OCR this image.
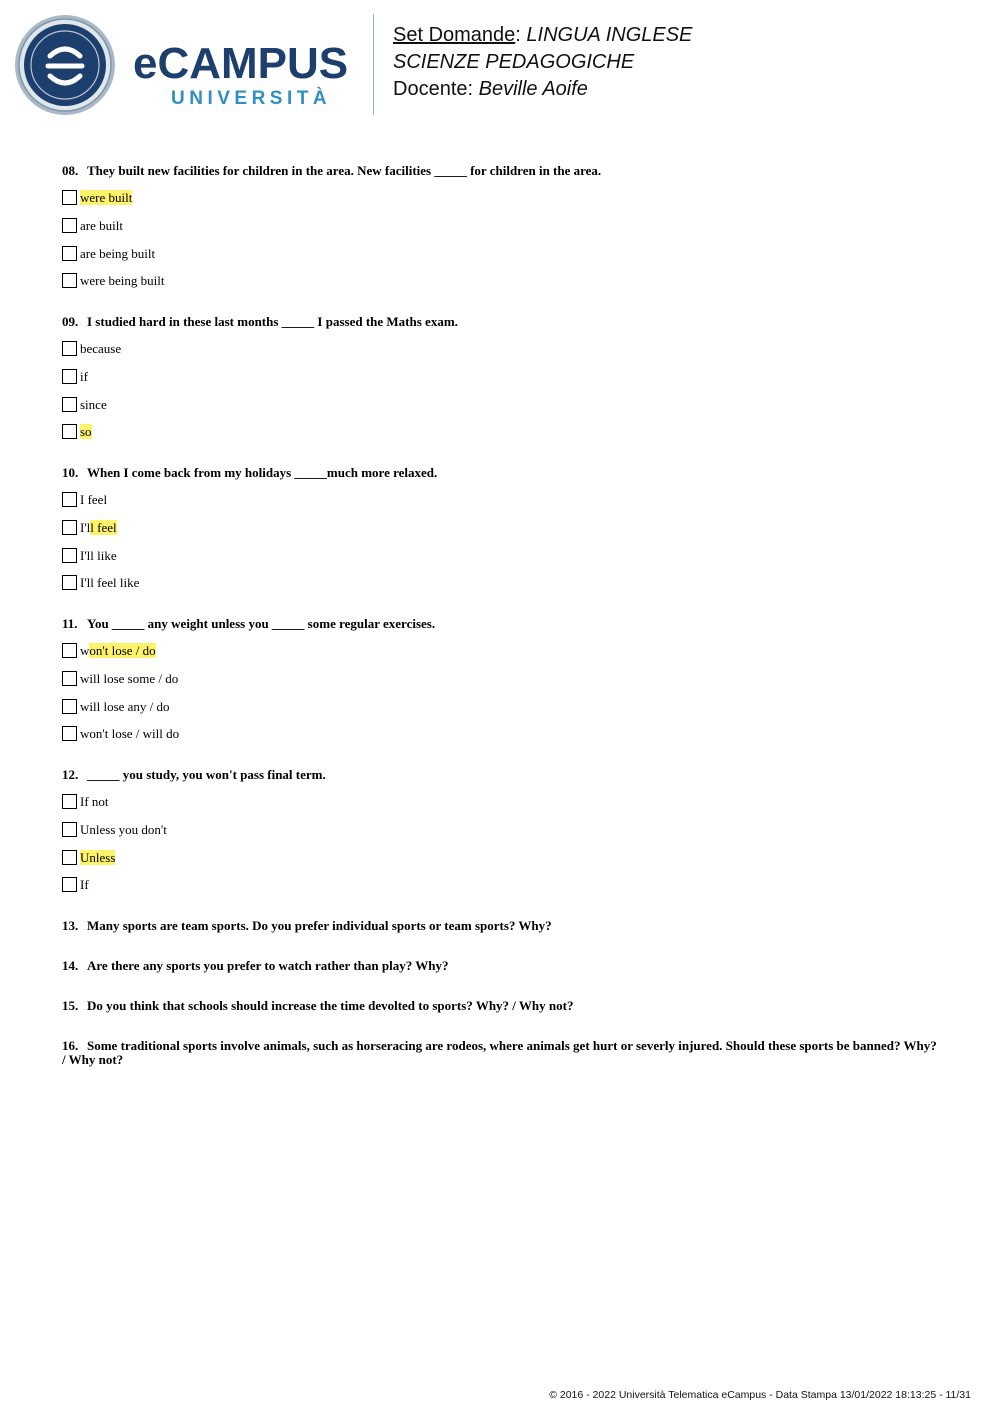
eCAMPUS
UNIVERSITÀ
Set Domande: LINGUA INGLESE
SCIENZE PEDAGOGICHE
Docente: Beville Aoife
08. They built new facilities for children in the area. New facilities _____ for children in the area.
were built
are built
are being built
were being built
09. I studied hard in these last months _____ I passed the Maths exam.
because
if
since
so
10. When I come back from my holidays _____much more relaxed.
I feel
I'll feel
I'll like
I'll feel like
11. You _____ any weight unless you _____ some regular exercises.
won't lose / do
will lose some / do
will lose any / do
won't lose / will do
12. _____ you study, you won't pass final term.
If not
Unless you don't
Unless
If
13. Many sports are team sports. Do you prefer individual sports or team sports? Why?
14. Are there any sports you prefer to watch rather than play? Why?
15. Do you think that schools should increase the time devolted to sports? Why? / Why not?
16. Some traditional sports involve animals, such as horseracing are rodeos, where animals get hurt or severly injured. Should these sports be banned? Why? / Why not?
© 2016 - 2022 Università Telematica eCampus - Data Stampa 13/01/2022 18:13:25 - 11/31
